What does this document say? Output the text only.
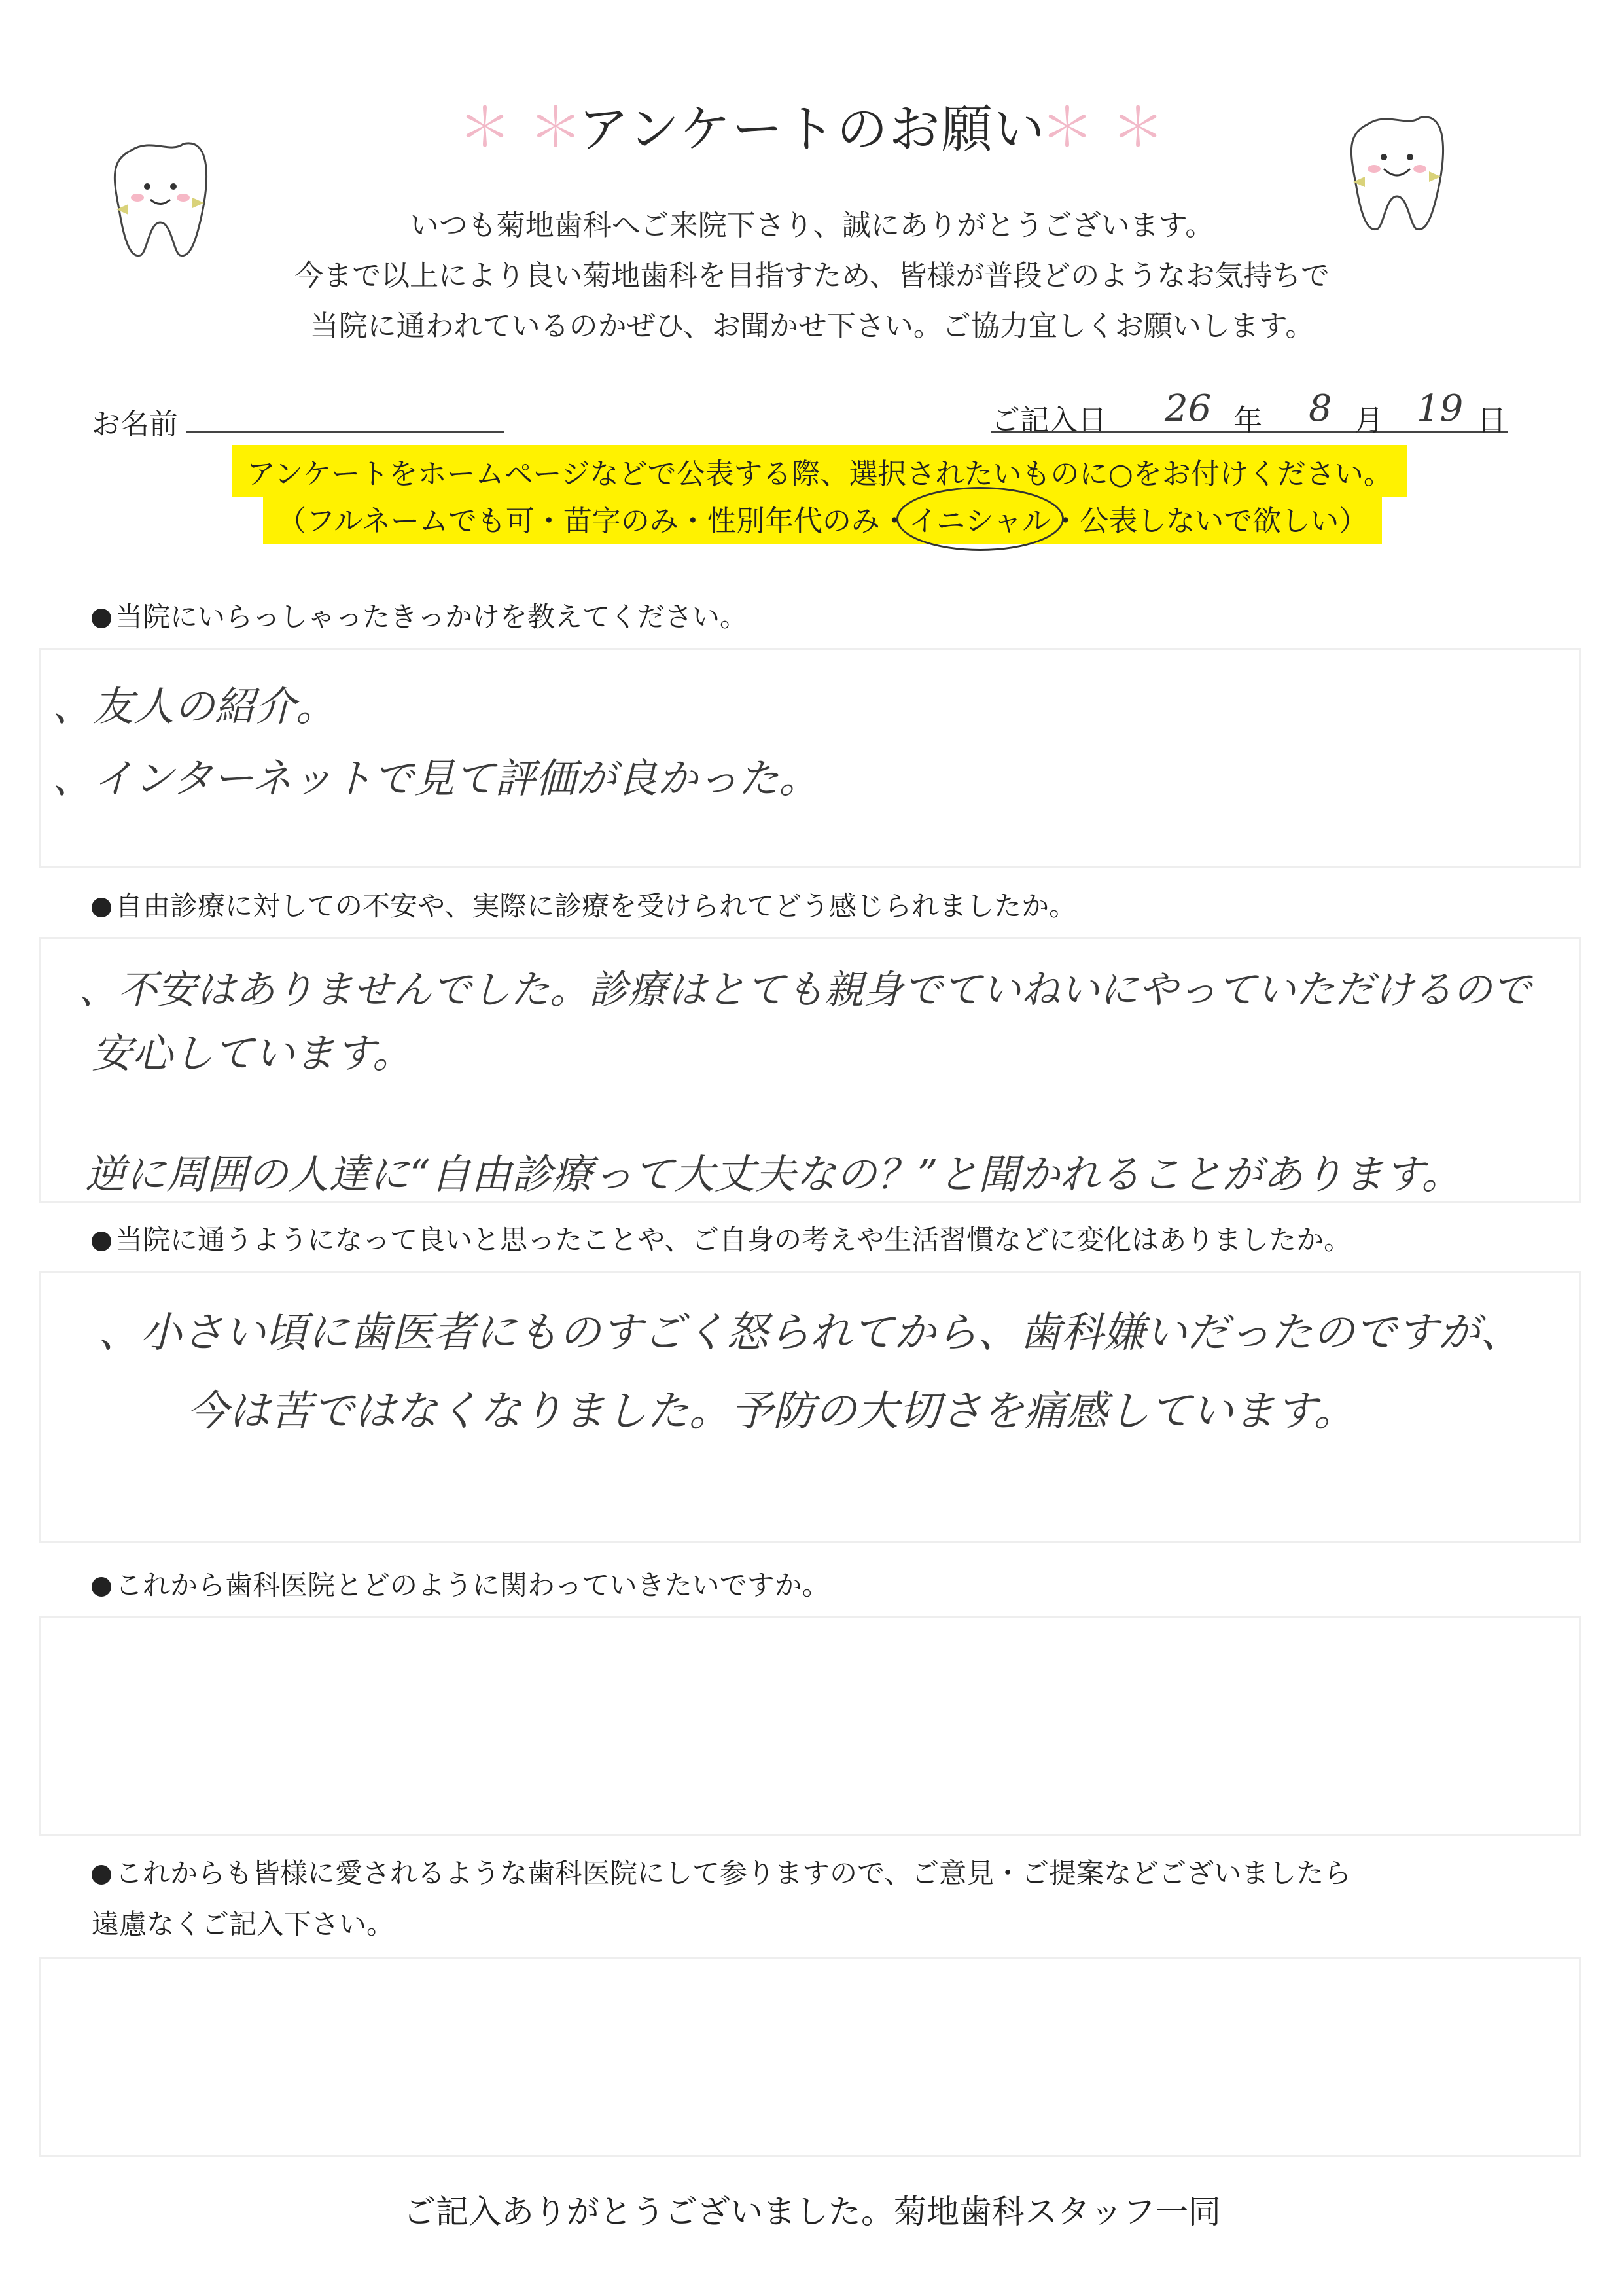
＊ ＊
アンケートのお願い
＊ ＊
いつも菊地歯科へご来院下さり、誠にありがとうございます。
今まで以上により良い菊地歯科を目指すため、皆様が普段どのようなお気持ちで
当院に通われているのかぜひ、お聞かせ下さい。ご協力宜しくお願いします。
お名前	ご記入日 26 年 8 月 19 日
アンケートをホームページなどで公表する際、選択されたいものに○をお付けください。
（フルネームでも可・苗字のみ・性別年代のみ・イニシャル・公表しないで欲しい）
当院にいらっしゃったきっかけを教えてください。
、友人の紹介。
、インターネットで見て評価が良かった。
自由診療に対しての不安や、実際に診療を受けられてどう感じられましたか。
、不安はありませんでした。診療はとても親身でていねいにやっていただけるので
安心しています。
逆に周囲の人達に“自由診療って大丈夫なの？”と聞かれることがあります。
当院に通うようになって良いと思ったことや、ご自身の考えや生活習慣などに変化はありましたか。
、小さい頃に歯医者にものすごく怒られてから、歯科嫌いだったのですが、
今は苦ではなくなりました。予防の大切さを痛感しています。
これから歯科医院とどのように関わっていきたいですか。
これからも皆様に愛されるような歯科医院にして参りますので、ご意見・ご提案などございましたら
遠慮なくご記入下さい。
ご記入ありがとうございました。菊地歯科スタッフ一同
